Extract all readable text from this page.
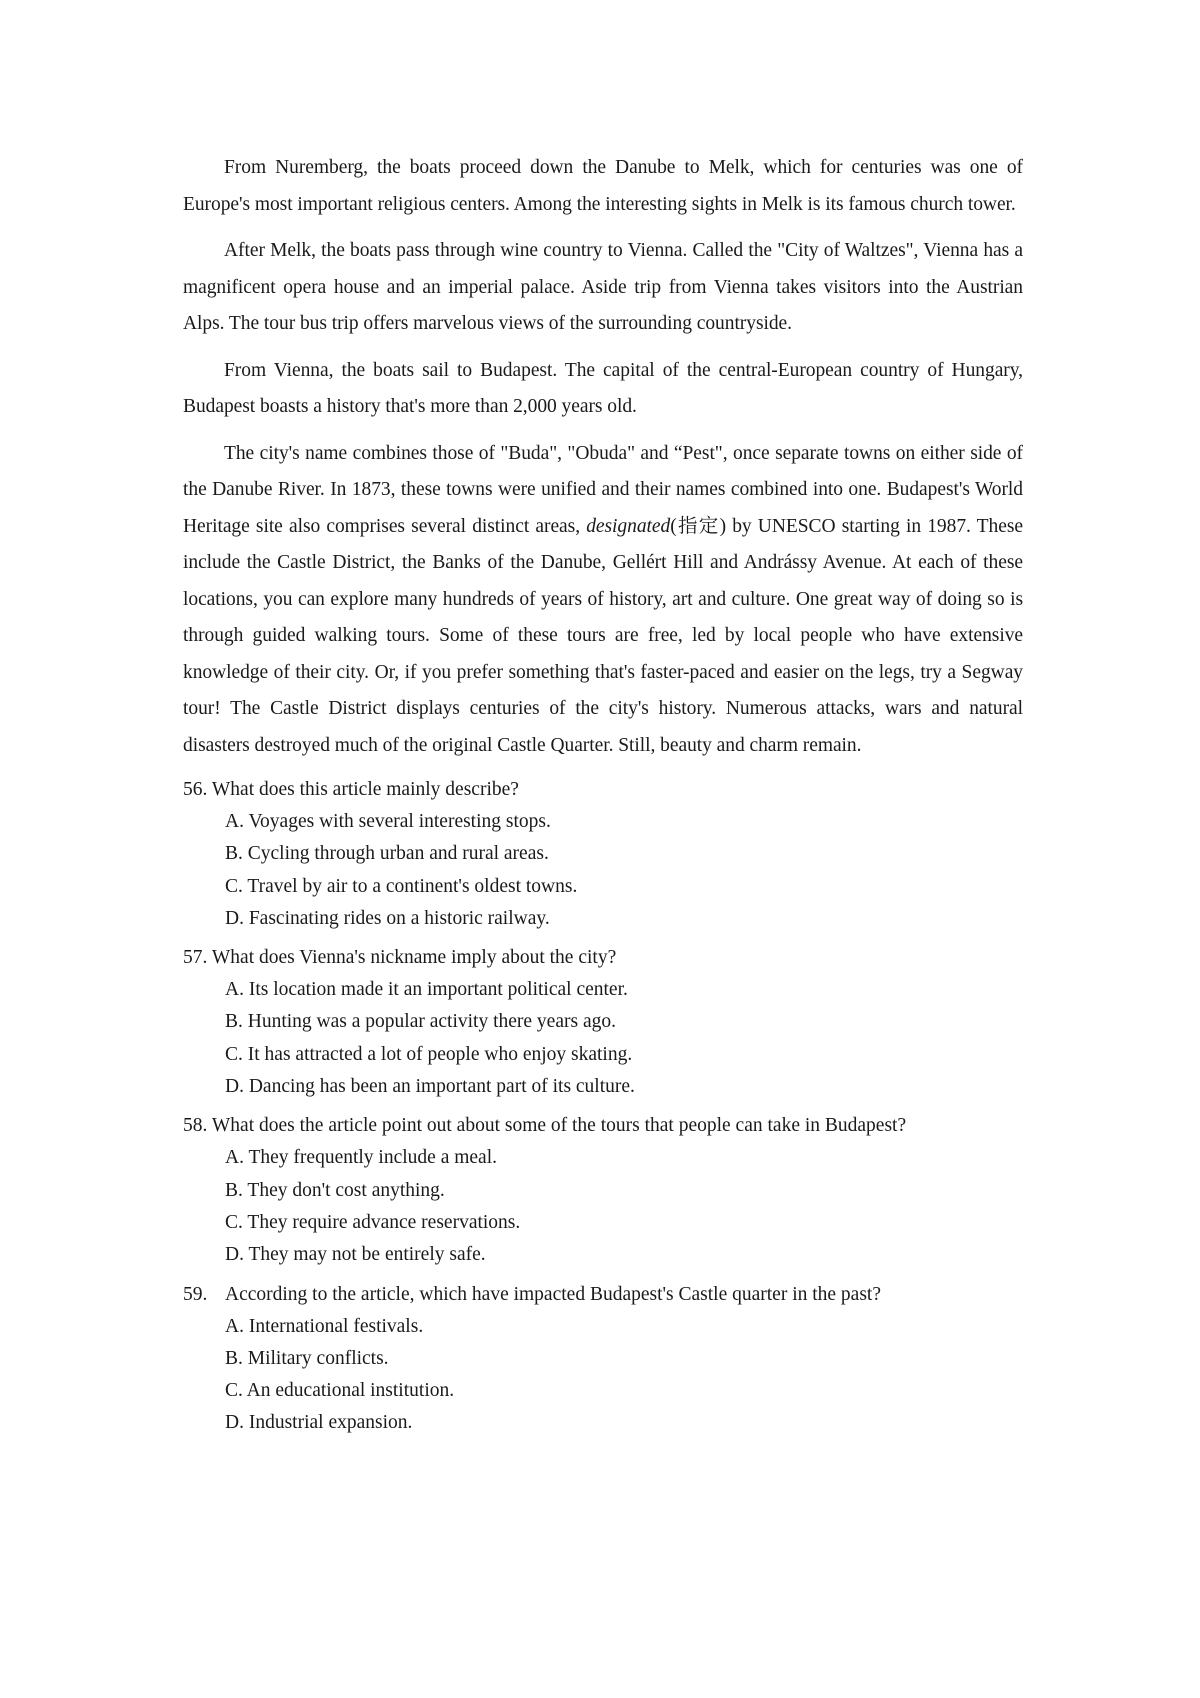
From Nuremberg, the boats proceed down the Danube to Melk, which for centuries was one of Europe's most important religious centers. Among the interesting sights in Melk is its famous church tower.

After Melk, the boats pass through wine country to Vienna. Called the "City of Waltzes", Vienna has a magnificent opera house and an imperial palace. Aside trip from Vienna takes visitors into the Austrian Alps. The tour bus trip offers marvelous views of the surrounding countryside.

From Vienna, the boats sail to Budapest. The capital of the central-European country of Hungary, Budapest boasts a history that's more than 2,000 years old.

The city's name combines those of "Buda", "Obuda" and “Pest", once separate towns on either side of the Danube River. In 1873, these towns were unified and their names combined into one. Budapest's World Heritage site also comprises several distinct areas, designated(指定) by UNESCO starting in 1987. These include the Castle District, the Banks of the Danube, Gellért Hill and Andrássy Avenue. At each of these locations, you can explore many hundreds of years of history, art and culture. One great way of doing so is through guided walking tours. Some of these tours are free, led by local people who have extensive knowledge of their city. Or, if you prefer something that's faster-paced and easier on the legs, try a Segway tour! The Castle District displays centuries of the city's history. Numerous attacks, wars and natural disasters destroyed much of the original Castle Quarter. Still, beauty and charm remain.

56. What does this article mainly describe?

A. Voyages with several interesting stops.
B. Cycling through urban and rural areas.
C. Travel by air to a continent's oldest towns.
D. Fascinating rides on a historic railway.

57. What does Vienna's nickname imply about the city?

A. Its location made it an important political center.
B. Hunting was a popular activity there years ago.
C. It has attracted a lot of people who enjoy skating.
D. Dancing has been an important part of its culture.

58. What does the article point out about some of the tours that people can take in Budapest?

A. They frequently include a meal.
B. They don't cost anything.
C. They require advance reservations.
D. They may not be entirely safe.

59. According to the article, which have impacted Budapest's Castle quarter in the past?

A. International festivals.
B. Military conflicts.
C. An educational institution.
D. Industrial expansion.
